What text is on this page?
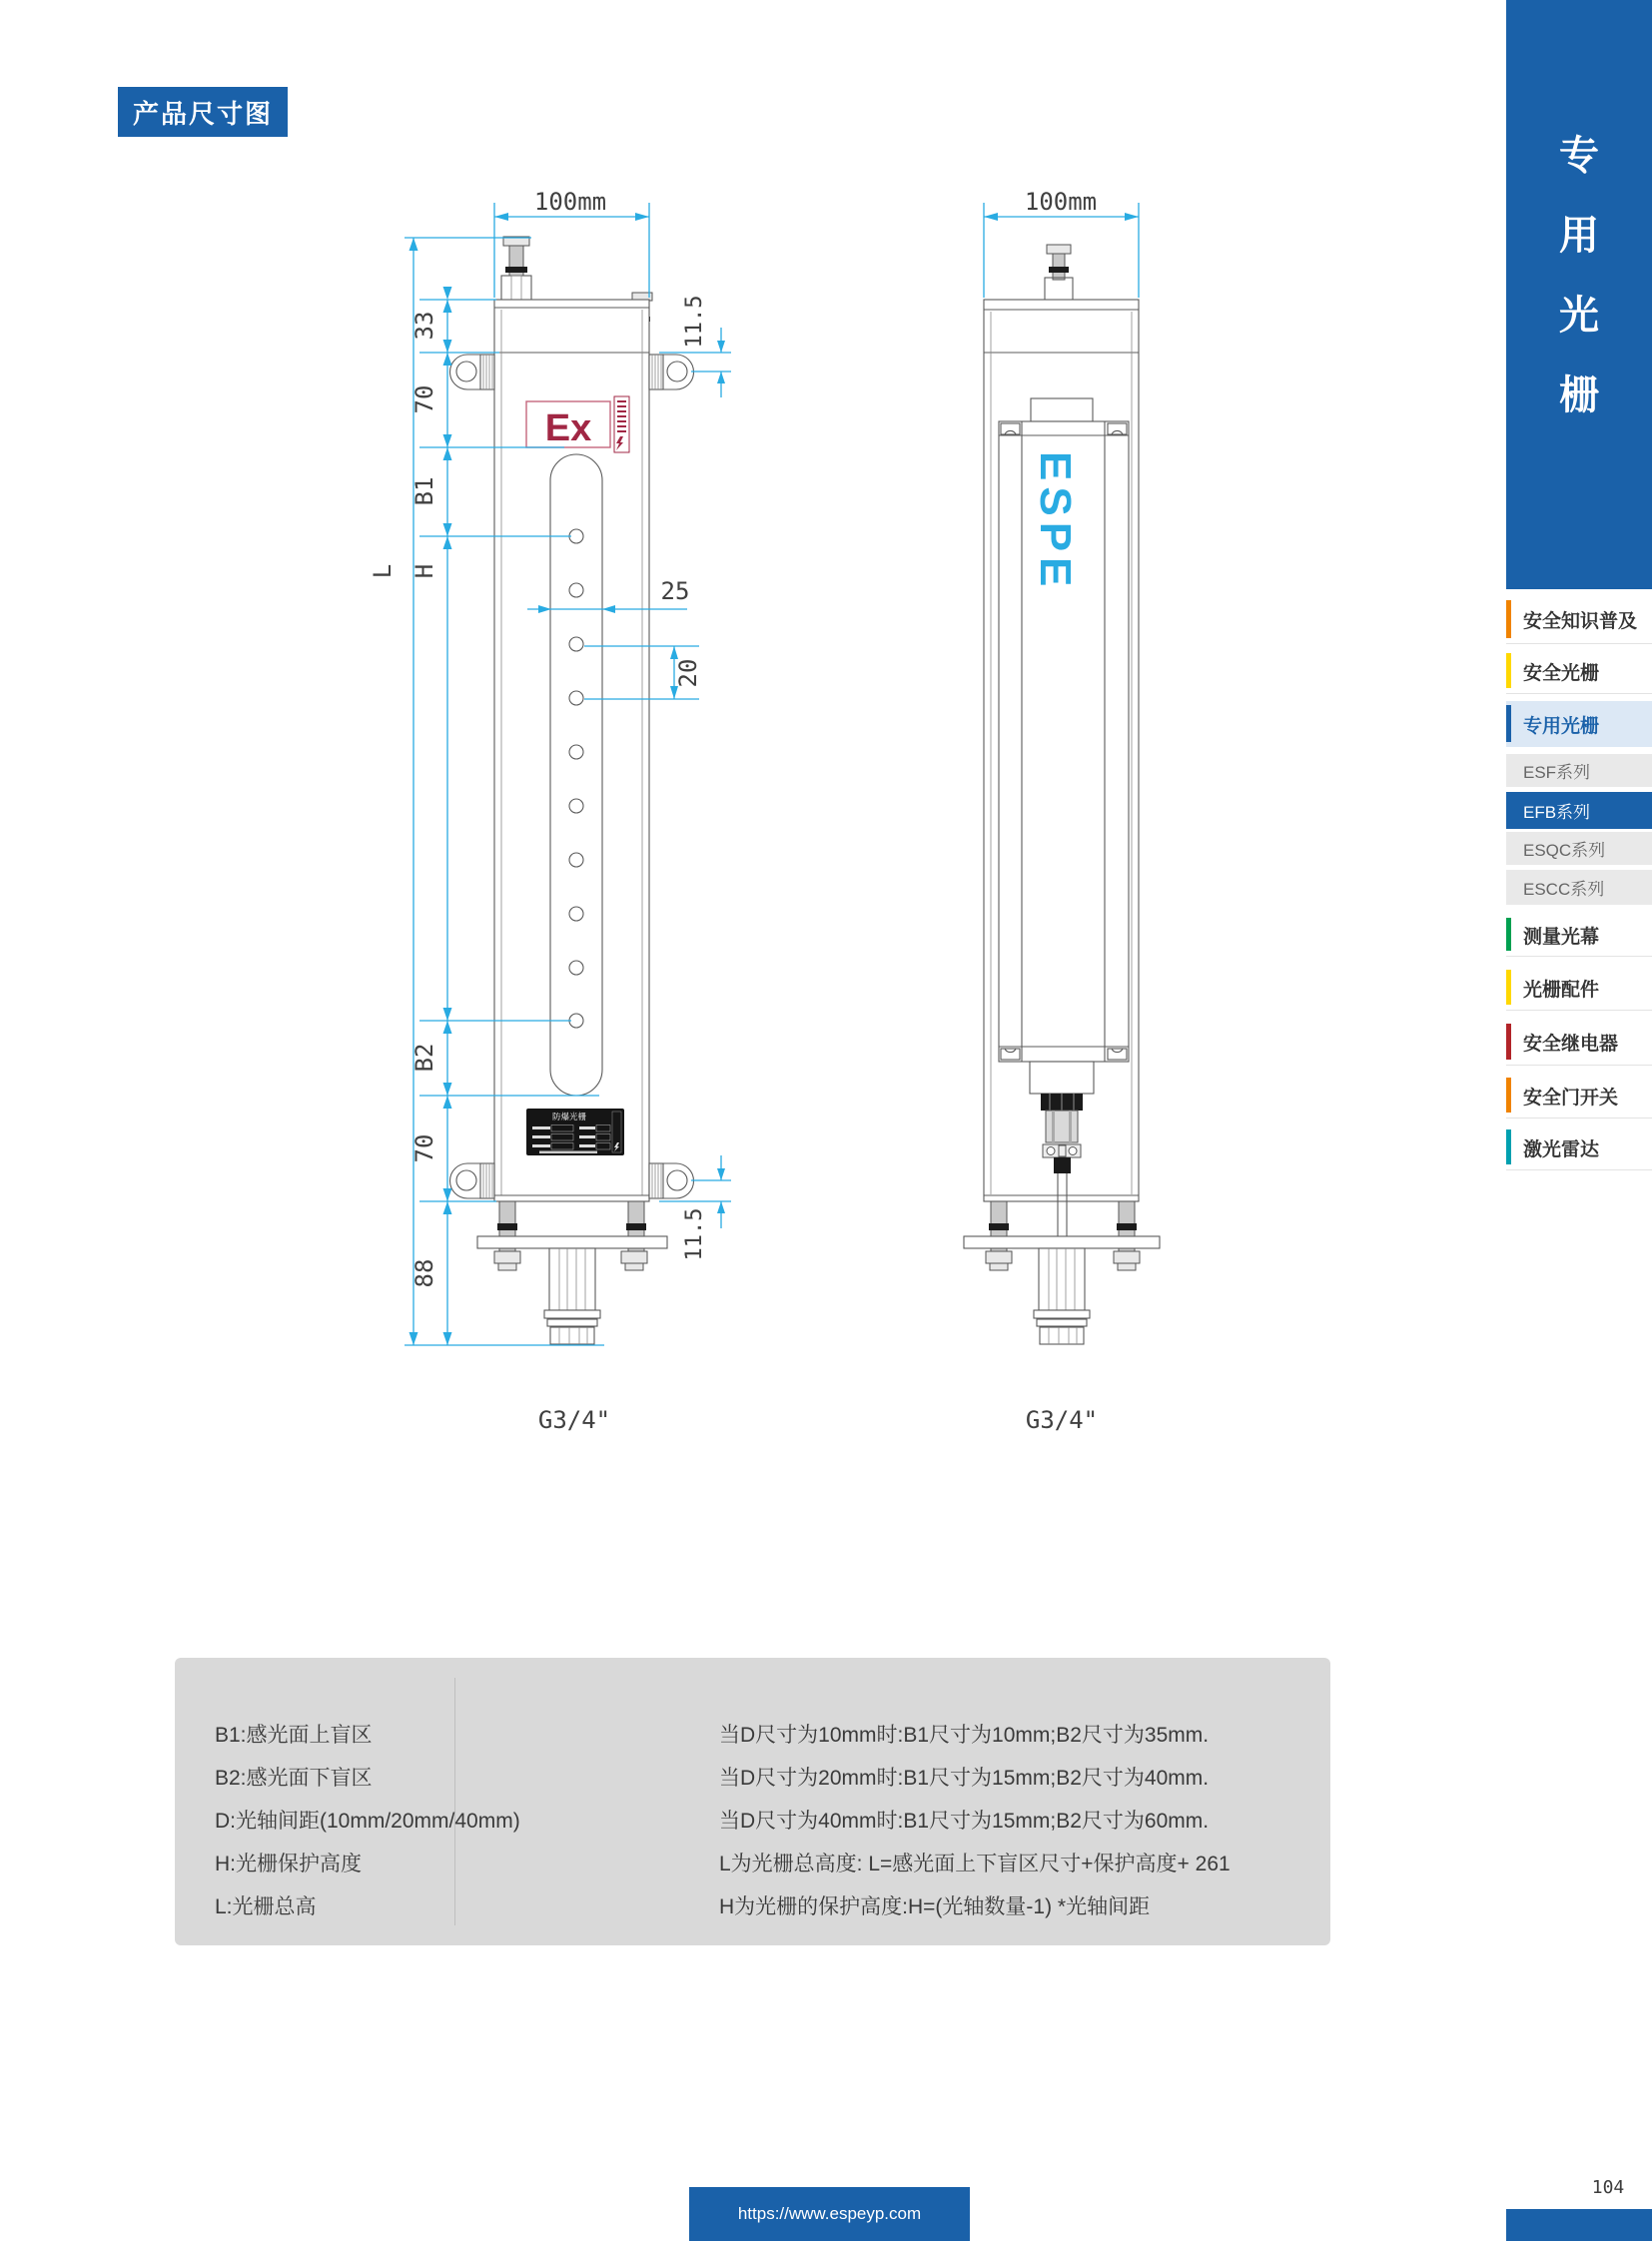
产品尺寸图
Ex
防爆光栅
100mm
L
33
70
B1
H
B2
70
88
25
20
11.5
11.5
G3/4"
ESPE
100mm
G3/4"
B1:感光面上盲区
B2:感光面下盲区
D:光轴间距(10mm/20mm/40mm)
H:光栅保护高度
L:光栅总高
当D尺寸为10mm时:B1尺寸为10mm;B2尺寸为35mm.
当D尺寸为20mm时:B1尺寸为15mm;B2尺寸为40mm.
当D尺寸为40mm时:B1尺寸为15mm;B2尺寸为60mm.
L为光栅总高度: L=感光面上下盲区尺寸+保护高度+ 261
H为光栅的保护高度:H=(光轴数量-1) *光轴间距
专
用
光
栅
安全知识普及
安全光栅
专用光栅
ESF系列
EFB系列
ESQC系列
ESCC系列
测量光幕
光栅配件
安全继电器
安全门开关
激光雷达
https://www.espeyp.com
104
